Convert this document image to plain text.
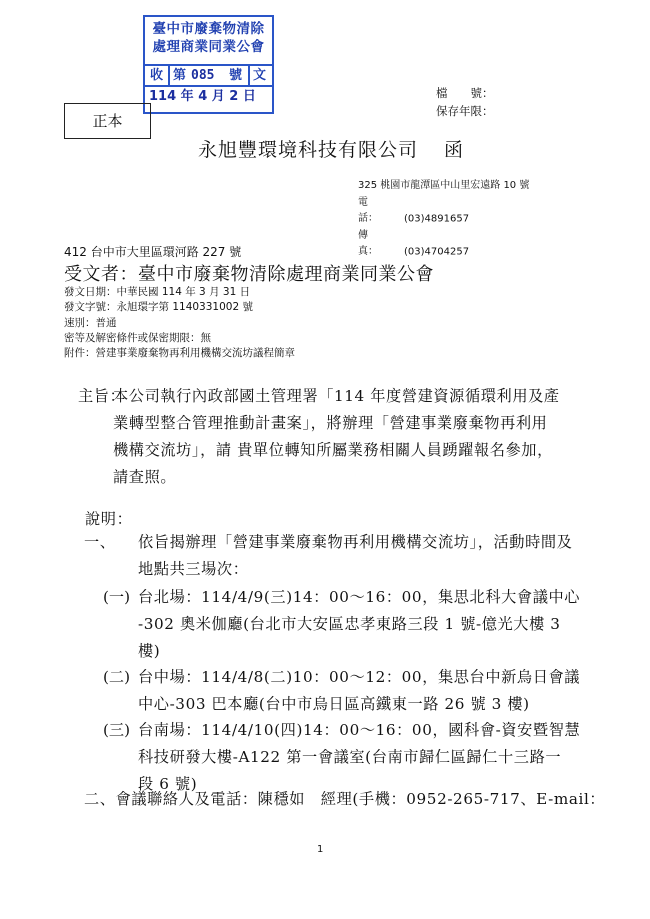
臺中市廢棄物清除
處理商業同業公會
收 第 085 號 文
114 年 4 月 2 日
正本
檔　　號：
保存年限：
永旭豐環境科技有限公司 函
325 桃園市龍潭區中山里宏遠路 10 號
電　　話：	(03)4891657
傳　　真：	(03)4704257
412 台中市大里區環河路 227 號
受文者：臺中市廢棄物清除處理商業同業公會
發文日期：中華民國 114 年 3 月 31 日
發文字號：永旭環字第 1140331002 號
速別：普通
密等及解密條件或保密期限：無
附件：營建事業廢棄物再利用機構交流坊議程簡章
主旨：
本公司執行內政部國土管理署「114 年度營建資源循環利用及產
業轉型整合管理推動計畫案」，將辦理「營建事業廢棄物再利用
機構交流坊」，請 貴單位轉知所屬業務相關人員踴躍報名參加，
請查照。
說明：
一、 依旨揭辦理「營建事業廢棄物再利用機構交流坊」，活動時間及
地點共三場次：
(一) 台北場：114/4/9(三)14：00～16：00，集思北科大會議中心
-302 奧米伽廳(台北市大安區忠孝東路三段 1 號-億光大樓 3
樓)
(二) 台中場：114/4/8(二)10：00～12：00，集思台中新烏日會議
中心-303 巴本廳(台中市烏日區高鐵東一路 26 號 3 樓)
(三) 台南場：114/4/10(四)14：00～16：00，國科會-資安暨智慧
科技研發大樓-A122 第一會議室(台南市歸仁區歸仁十三路一
段 6 號)
二、會議聯絡人及電話：陳穩如　經理(手機：0952-265-717、E-mail：
1
